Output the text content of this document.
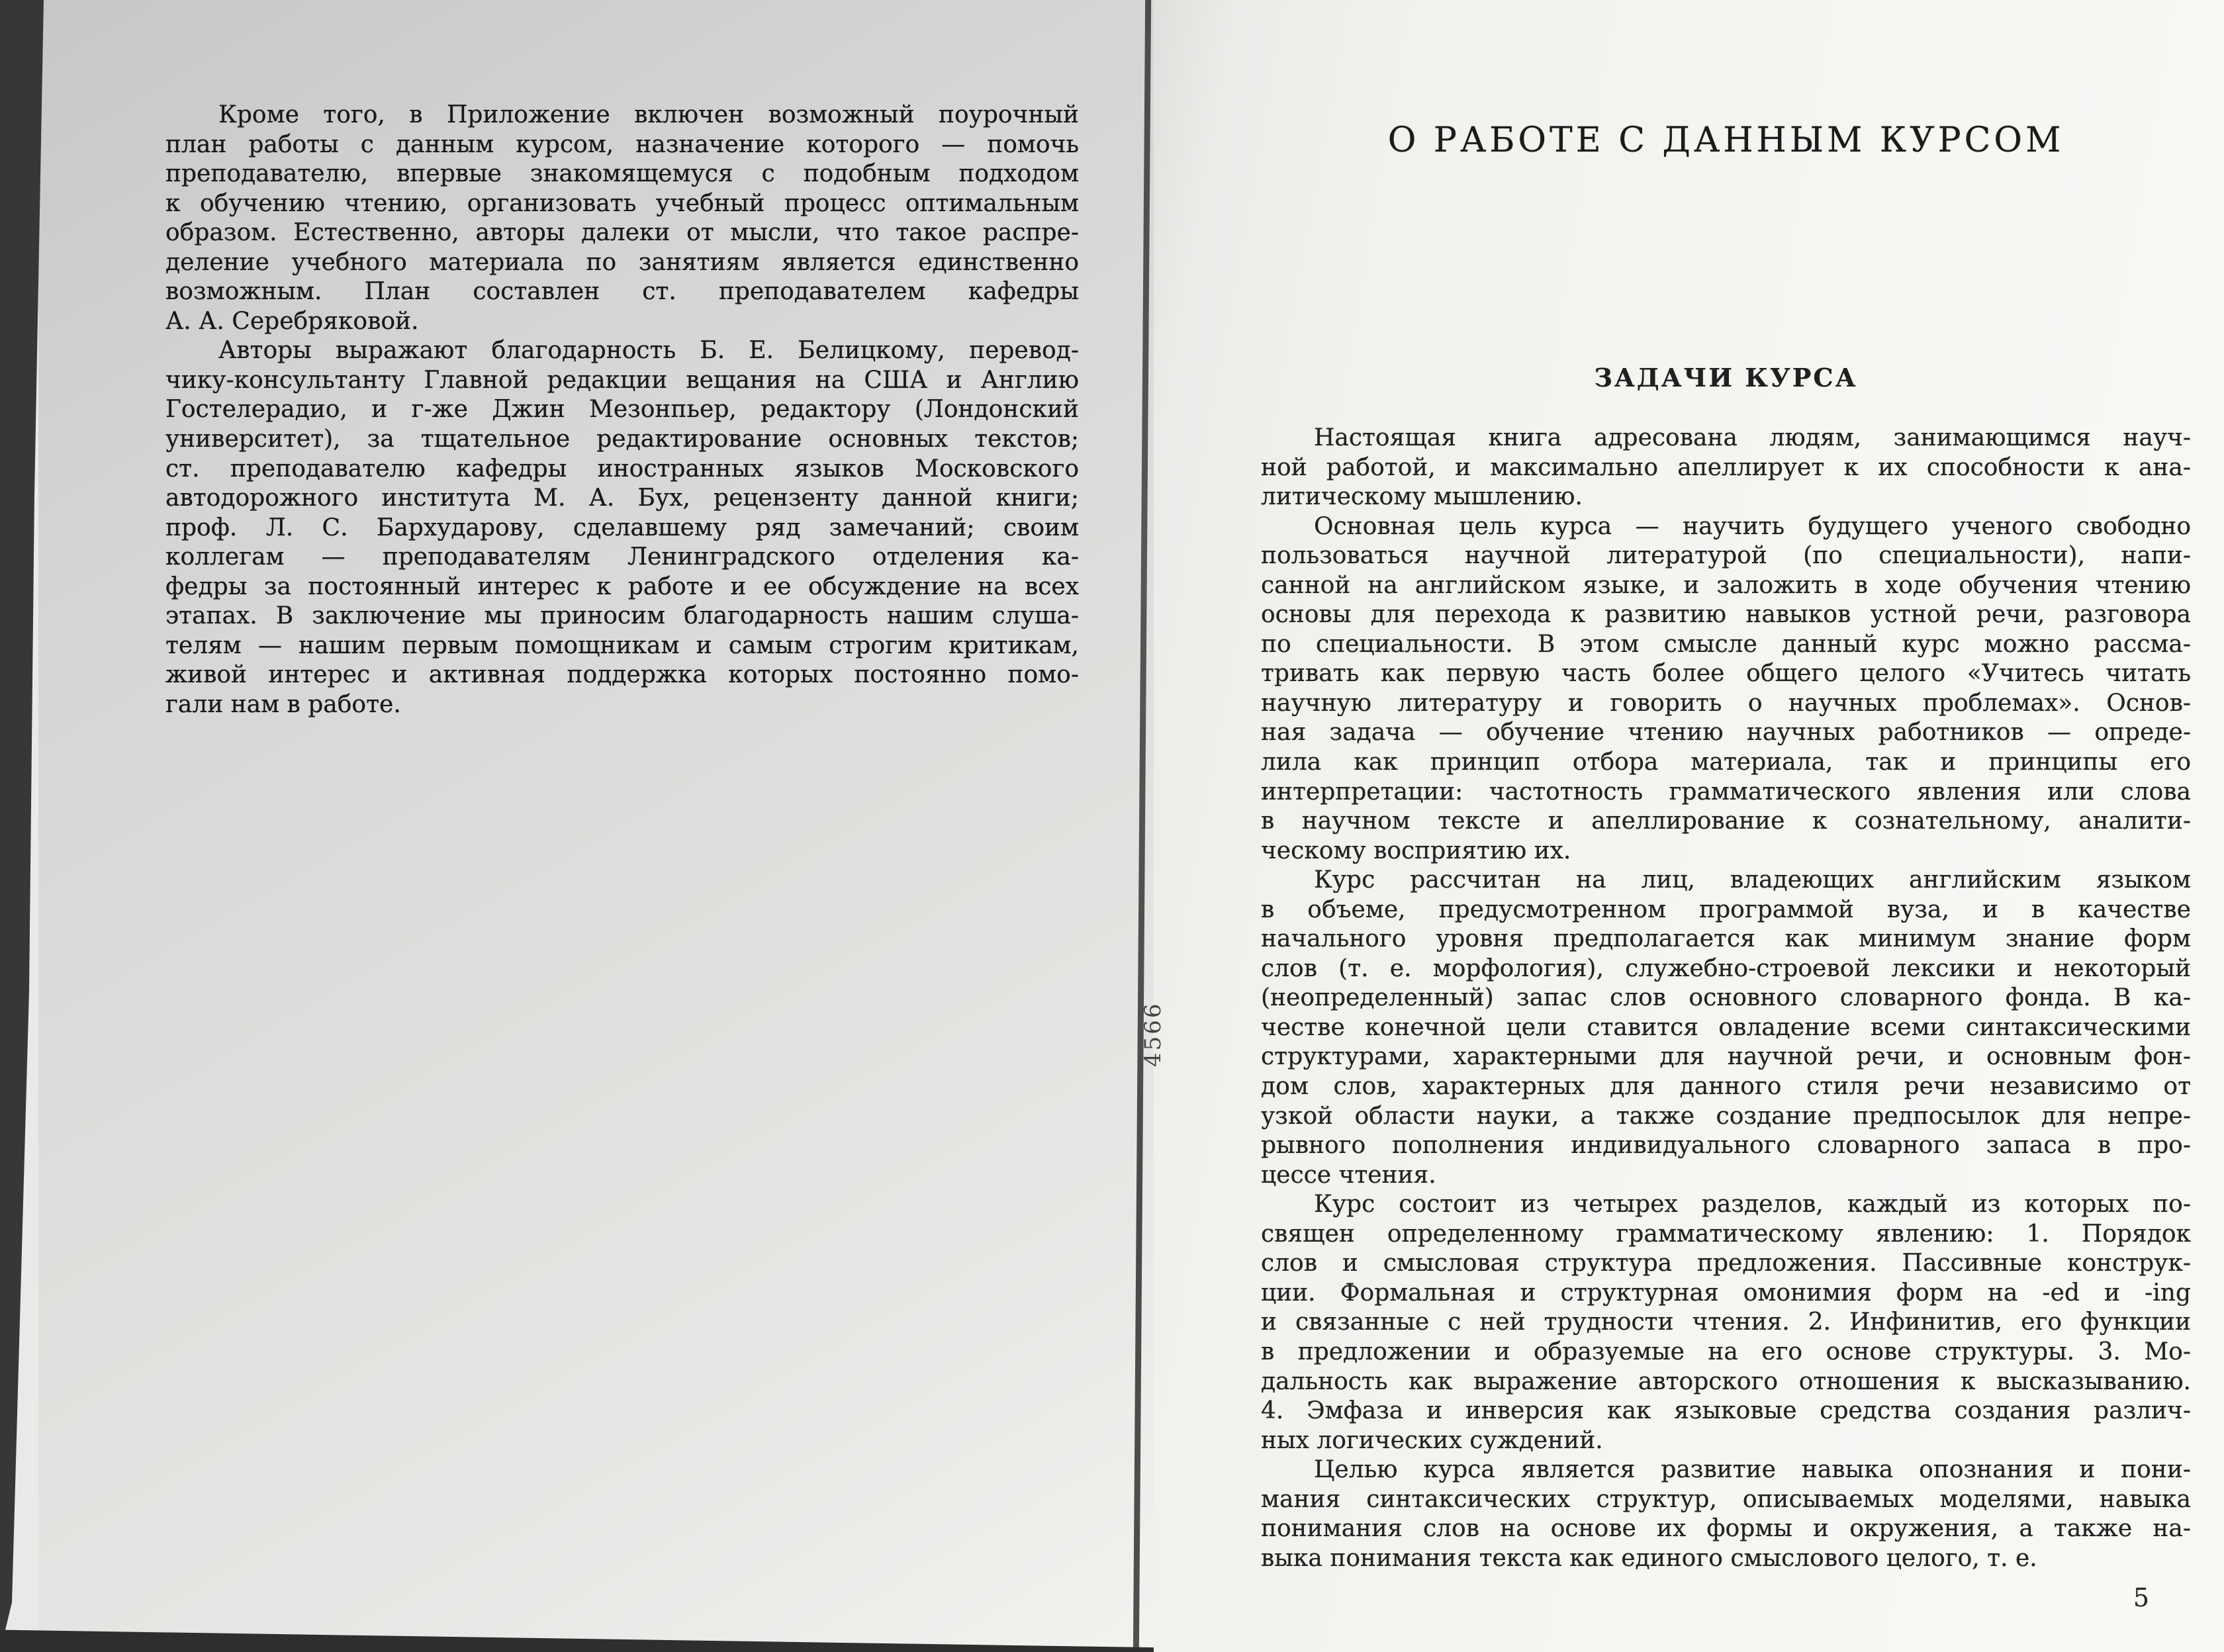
Кроме того, в Приложение включен возможный поурочный
план работы с данным курсом, назначение которого — помочь
преподавателю, впервые знакомящемуся с подобным подходом
к обучению чтению, организовать учебный процесс оптимальным
образом. Естественно, авторы далеки от мысли, что такое распре-
деление учебного материала по занятиям является единственно
возможным. План составлен ст. преподавателем кафедры
А. А. Серебряковой.
Авторы выражают благодарность Б. Е. Белицкому, перевод-
чику-консультанту Главной редакции вещания на США и Англию
Гостелерадио, и г-же Джин Мезонпьер, редактору (Лондонский
университет), за тщательное редактирование основных текстов;
ст. преподавателю кафедры иностранных языков Московского
автодорожного института М. А. Бух, рецензенту данной книги;
проф. Л. С. Бархударову, сделавшему ряд замечаний; своим
коллегам — преподавателям Ленинградского отделения ка-
федры за постоянный интерес к работе и ее обсуждение на всех
этапах. В заключение мы приносим благодарность нашим слуша-
телям — нашим первым помощникам и самым строгим критикам,
живой интерес и активная поддержка которых постоянно помо-
гали нам в работе.
О РАБОТЕ С ДАННЫМ КУРСОМ
ЗАДАЧИ КУРСА
Настоящая книга адресована людям, занимающимся науч-
ной работой, и максимально апеллирует к их способности к ана-
литическому мышлению.
Основная цель курса — научить будущего ученого свободно
пользоваться научной литературой (по специальности), напи-
санной на английском языке, и заложить в ходе обучения чтению
основы для перехода к развитию навыков устной речи, разговора
по специальности. В этом смысле данный курс можно рассма-
тривать как первую часть более общего целого «Учитесь читать
научную литературу и говорить о научных проблемах». Основ-
ная задача — обучение чтению научных работников — опреде-
лила как принцип отбора материала, так и принципы его
интерпретации: частотность грамматического явления или слова
в научном тексте и апеллирование к сознательному, аналити-
ческому восприятию их.
Курс рассчитан на лиц, владеющих английским языком
в объеме, предусмотренном программой вуза, и в качестве
начального уровня предполагается как минимум знание форм
слов (т. е. морфология), служебно-строевой лексики и некоторый
(неопределенный) запас слов основного словарного фонда. В ка-
честве конечной цели ставится овладение всеми синтаксическими
структурами, характерными для научной речи, и основным фон-
дом слов, характерных для данного стиля речи независимо от
узкой области науки, а также создание предпосылок для непре-
рывного пополнения индивидуального словарного запаса в про-
цессе чтения.
Курс состоит из четырех разделов, каждый из которых по-
священ определенному грамматическому явлению: 1. Порядок
слов и смысловая структура предложения. Пассивные конструк-
ции. Формальная и структурная омонимия форм на -ed и -ing
и связанные с ней трудности чтения. 2. Инфинитив, его функции
в предложении и образуемые на его основе структуры. 3. Мо-
дальность как выражение авторского отношения к высказыванию.
4. Эмфаза и инверсия как языковые средства создания различ-
ных логических суждений.
Целью курса является развитие навыка опознания и пони-
мания синтаксических структур, описываемых моделями, навыка
понимания слов на основе их формы и окружения, а также на-
выка понимания текста как единого смыслового целого, т. е.
5
4566
